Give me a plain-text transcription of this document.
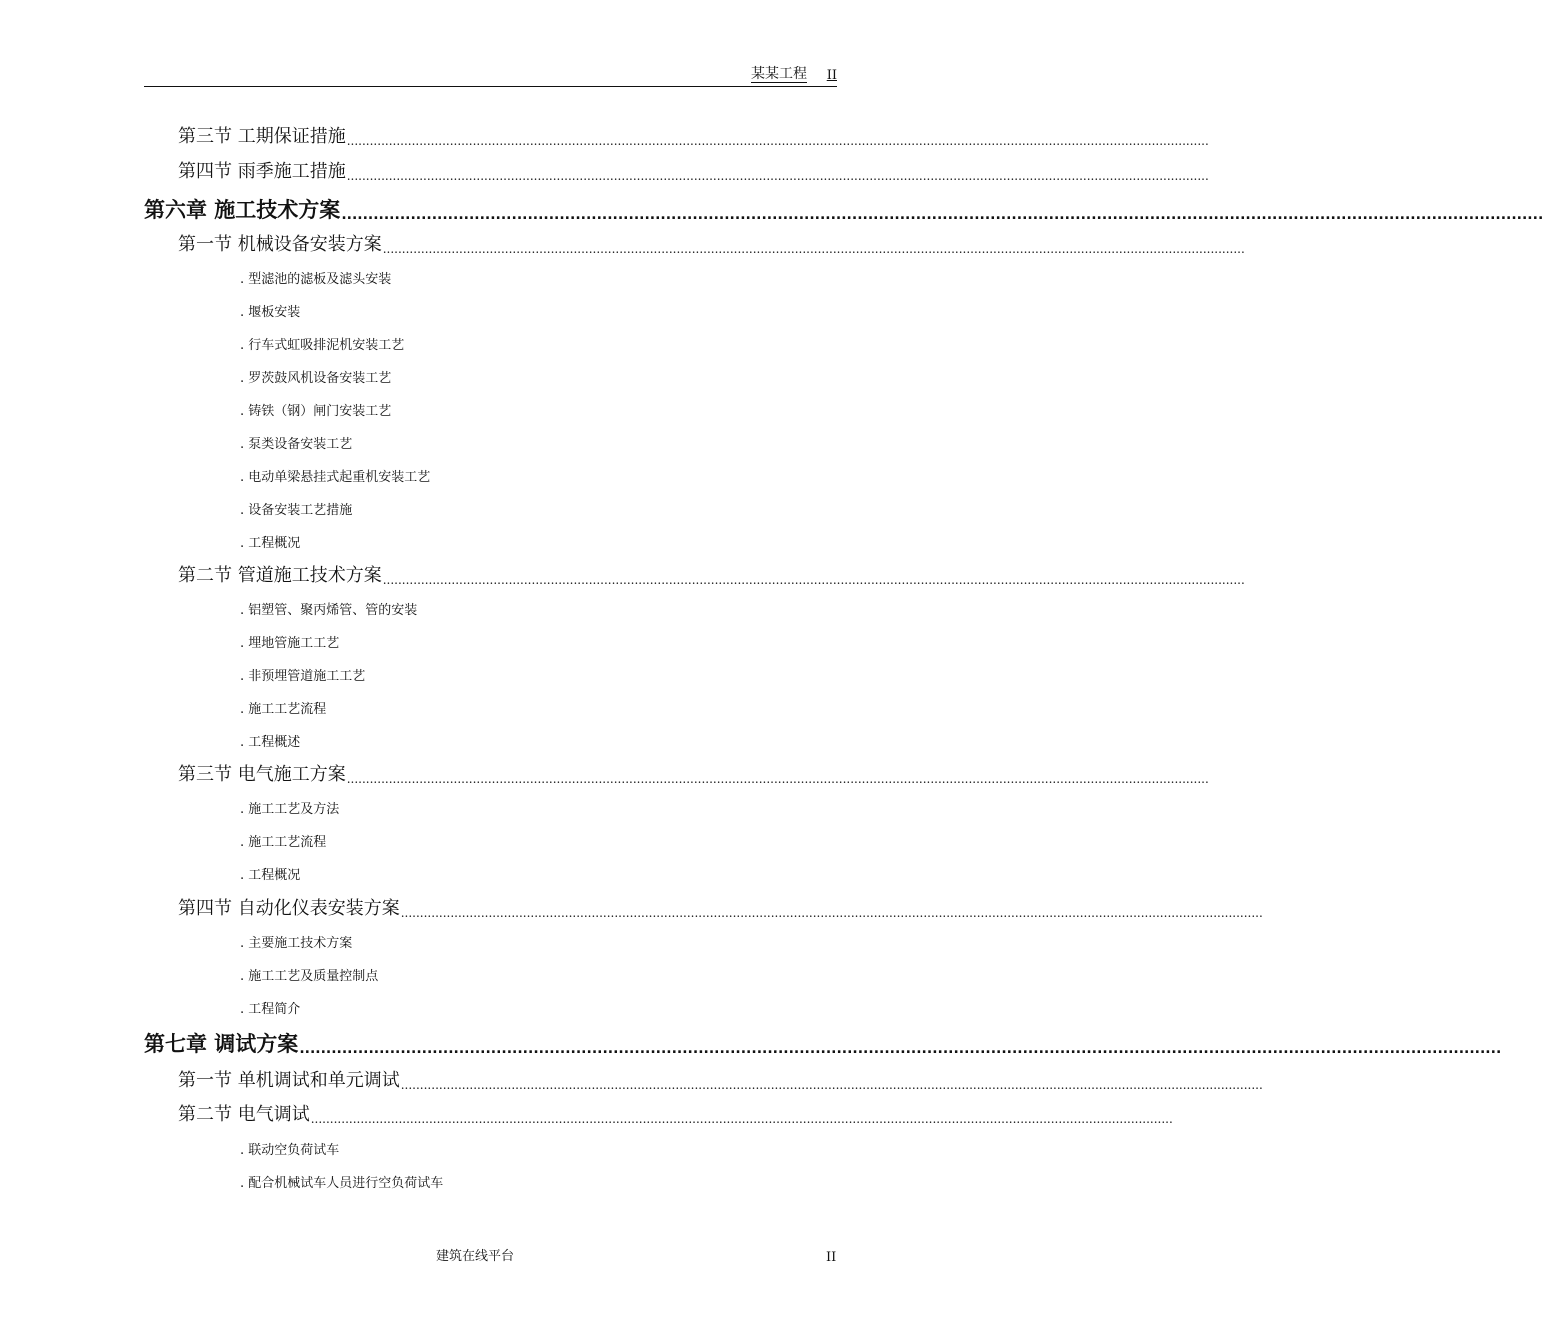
某某工程 II
第三节 工期保证措施 ..................................................................................................................................................................................................................................
第四节 雨季施工措施 ..................................................................................................................................................................................................................................
第六章 施工技术方案 ..................................................................................................................................................................................................................................
第一节 机械设备安装方案 ..................................................................................................................................................................................................................................
. 型滤池的滤板及滤头安装
. 堰板安装
. 行车式虹吸排泥机安装工艺
. 罗茨鼓风机设备安装工艺
. 铸铁（钢）闸门安装工艺
. 泵类设备安装工艺
. 电动单梁悬挂式起重机安装工艺
. 设备安装工艺措施
. 工程概况
第二节 管道施工技术方案 ..................................................................................................................................................................................................................................
. 铝塑管、聚丙烯管、管的安装
. 埋地管施工工艺
. 非预埋管道施工工艺
. 施工工艺流程
. 工程概述
第三节 电气施工方案 ..................................................................................................................................................................................................................................
. 施工工艺及方法
. 施工工艺流程
. 工程概况
第四节 自动化仪表安装方案 ..................................................................................................................................................................................................................................
. 主要施工技术方案
. 施工工艺及质量控制点
. 工程简介
第七章 调试方案 ..................................................................................................................................................................................................................................
第一节 单机调试和单元调试 ..................................................................................................................................................................................................................................
第二节 电气调试 ..................................................................................................................................................................................................................................
. 联动空负荷试车
. 配合机械试车人员进行空负荷试车
建筑在线平台	II
